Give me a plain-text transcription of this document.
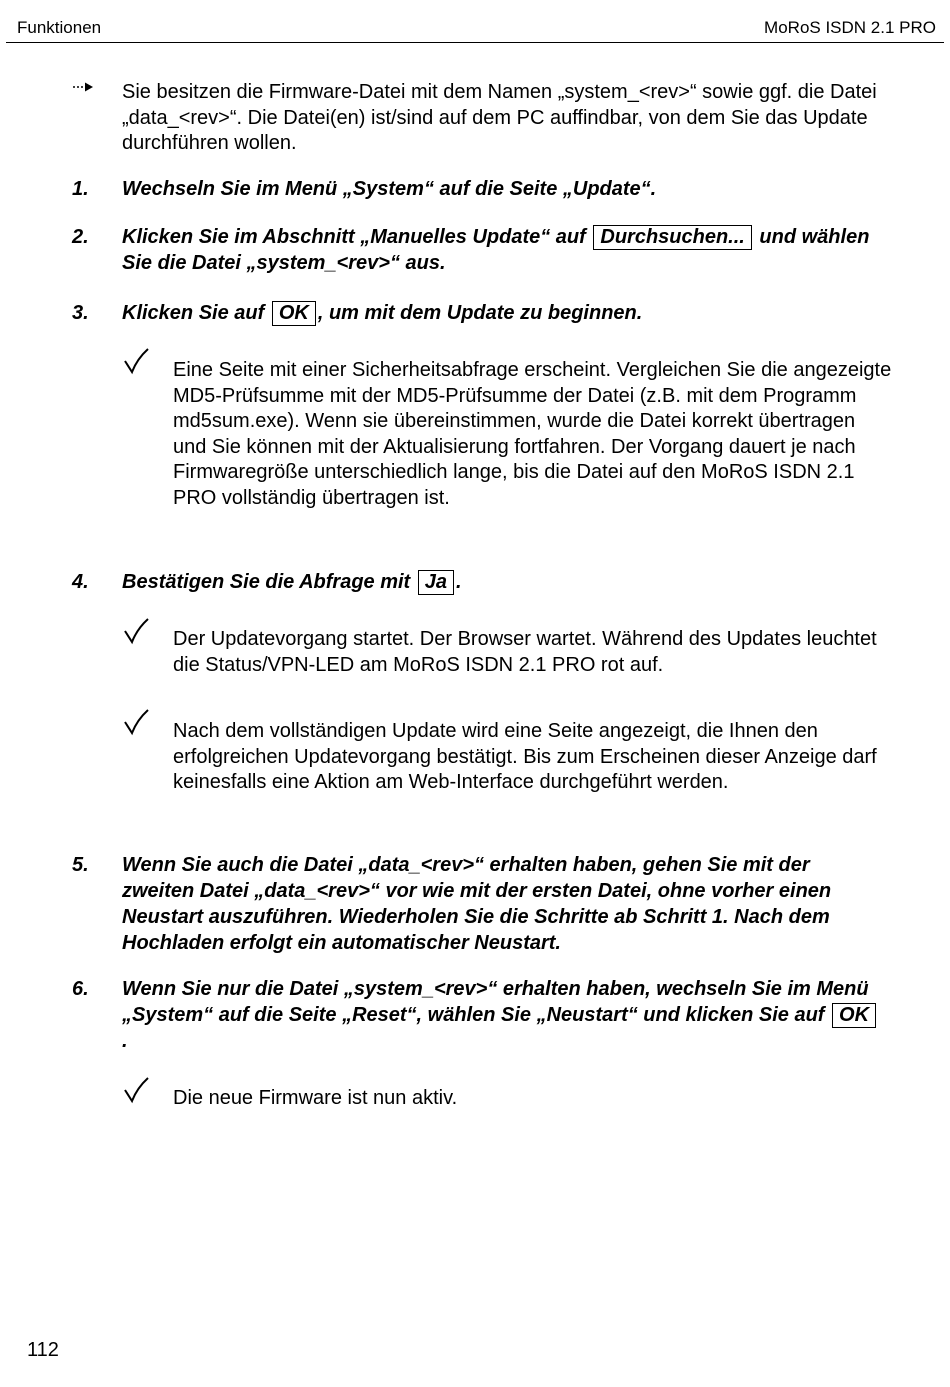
Funktionen	MoRoS ISDN 2.1 PRO
Sie besitzen die Firmware-Datei mit dem Namen „system_<rev>“ sowie ggf. die Datei „data_<rev>“. Die Datei(en) ist/sind auf dem PC auffindbar, von dem Sie das Update durchführen wollen.
1. Wechseln Sie im Menü „System“ auf die Seite „Update“.
2. Klicken Sie im Abschnitt „Manuelles Update“ auf Durchsuchen... und wählen Sie die Datei „system_<rev>“ aus.
3. Klicken Sie auf OK , um mit dem Update zu beginnen.
Eine Seite mit einer Sicherheitsabfrage erscheint. Vergleichen Sie die angezeigte MD5-Prüfsumme mit der MD5-Prüfsumme der Datei (z.B. mit dem Programm md5sum.exe). Wenn sie übereinstimmen, wurde die Datei korrekt übertragen und Sie können mit der Aktualisierung fortfahren. Der Vorgang dauert je nach Firmwaregröße unterschiedlich lange, bis die Datei auf den MoRoS ISDN 2.1 PRO vollständig übertragen ist.
4. Bestätigen Sie die Abfrage mit Ja .
Der Updatevorgang startet. Der Browser wartet. Während des Updates leuchtet die Status/VPN-LED am MoRoS ISDN 2.1 PRO rot auf.
Nach dem vollständigen Update wird eine Seite angezeigt, die Ihnen den erfolgreichen Updatevorgang bestätigt. Bis zum Erscheinen dieser Anzeige darf keinesfalls eine Aktion am Web-Interface durchgeführt werden.
5. Wenn Sie auch die Datei „data_<rev>“ erhalten haben, gehen Sie mit der zweiten Datei „data_<rev>“ vor wie mit der ersten Datei, ohne vorher einen Neustart auszuführen. Wiederholen Sie die Schritte ab Schritt 1. Nach dem Hochladen erfolgt ein automatischer Neustart.
6. Wenn Sie nur die Datei „system_<rev>“ erhalten haben, wechseln Sie im Menü „System“ auf die Seite „Reset“, wählen Sie „Neustart“ und klicken Sie auf OK.
Die neue Firmware ist nun aktiv.
112
